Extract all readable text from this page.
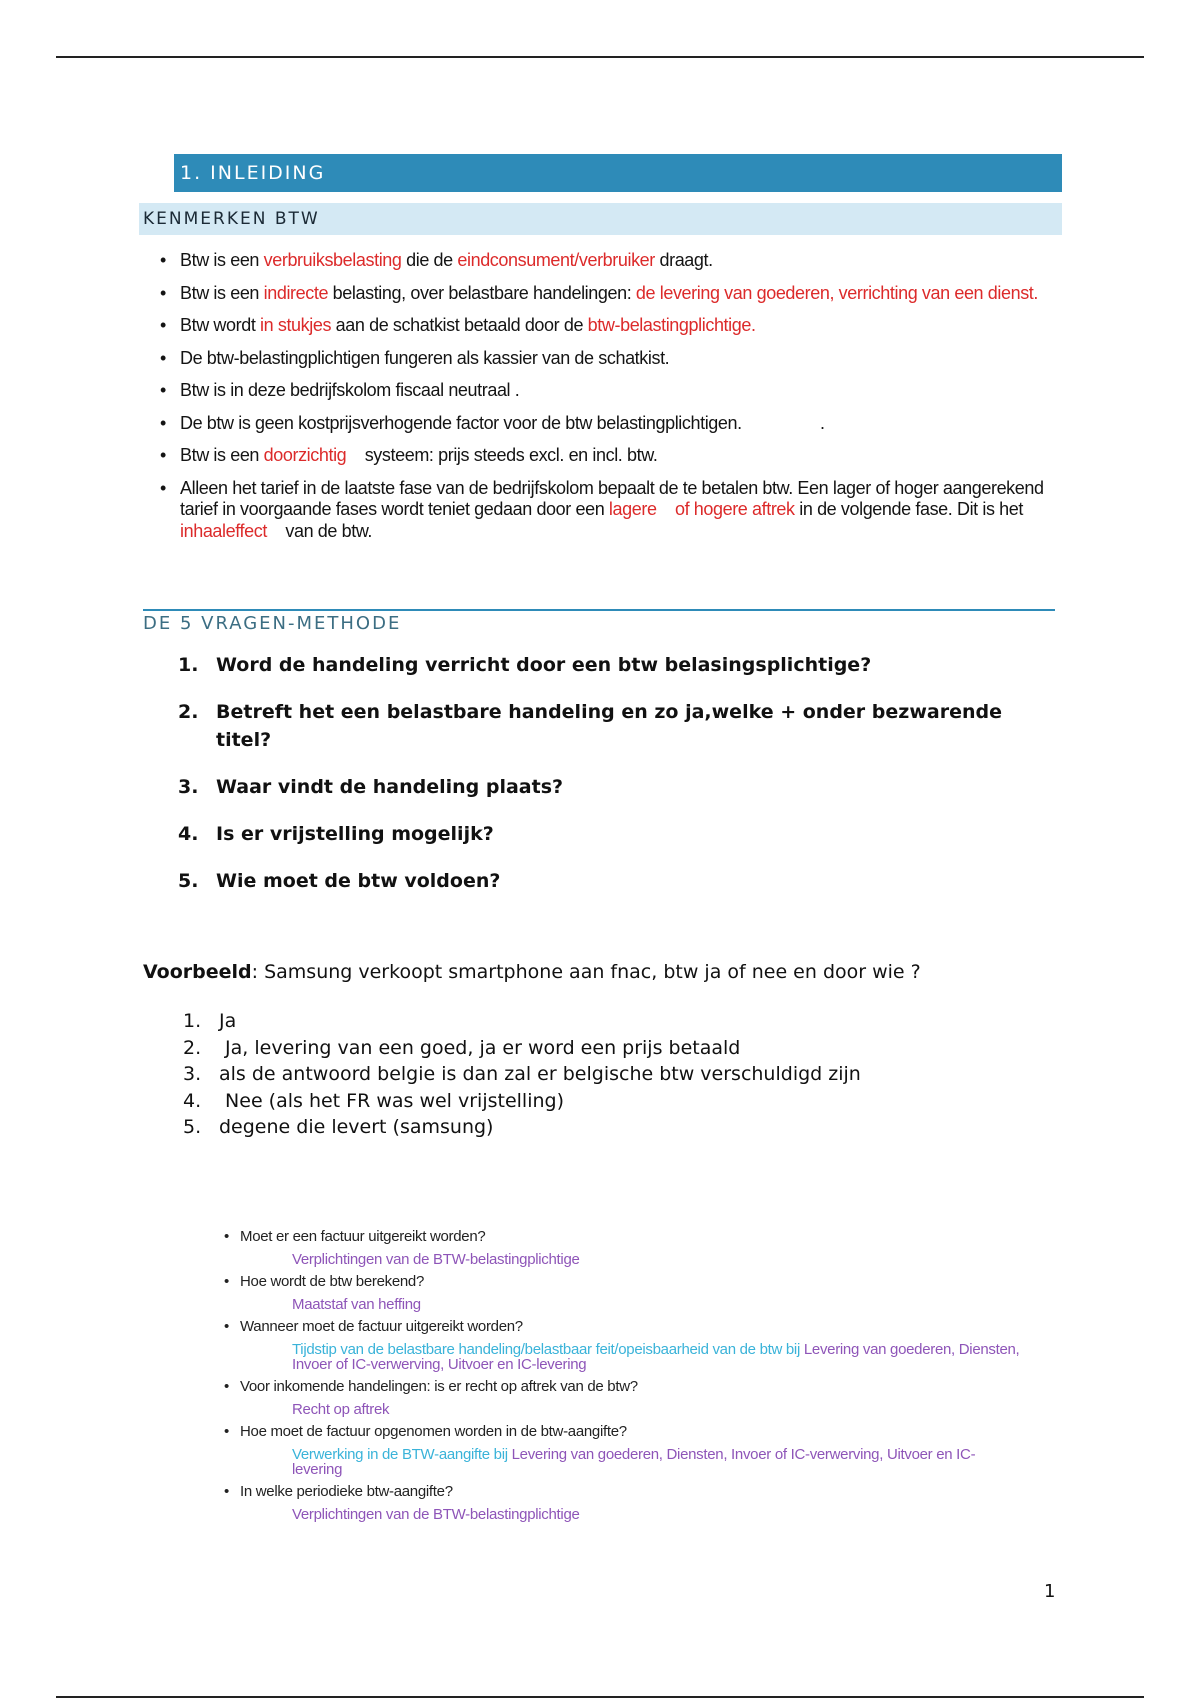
1. INLEIDING
KENMERKEN BTW
• Btw is een verbruiksbelasting die de eindconsument/verbruiker draagt.
• Btw is een indirecte belasting, over belastbare handelingen: de levering van goederen, verrichting van een dienst.
• Btw wordt in stukjes aan de schatkist betaald door de btw-belastingplichtige.
• De btw-belastingplichtigen fungeren als kassier van de schatkist.
• Btw is in deze bedrijfskolom fiscaal neutraal .
• De btw is geen kostprijsverhogende factor voor de btw belastingplichtigen.                 .
• Btw is een doorzichtig    systeem: prijs steeds excl. en incl. btw.
• Alleen het tarief in de laatste fase van de bedrijfskolom bepaalt de te betalen btw. Een lager of hoger aangerekend tarief in voorgaande fases wordt teniet gedaan door een lagere    of hogere aftrek in de volgende fase. Dit is het inhaaleffect    van de btw.
DE 5 VRAGEN-METHODE
1. Word de handeling verricht door een btw belasingsplichtige?
2. Betreft het een belastbare handeling en zo ja,welke + onder bezwarende titel?
3. Waar vindt de handeling plaats?
4. Is er vrijstelling mogelijk?
5. Wie moet de btw voldoen?
Voorbeeld: Samsung verkoopt smartphone aan fnac, btw ja of nee en door wie ?
1. Ja
2. Ja, levering van een goed, ja er word een prijs betaald
3. als de antwoord belgie is dan zal er belgische btw verschuldigd zijn
4. Nee (als het FR was wel vrijstelling)
5. degene die levert (samsung)
• Moet er een factuur uitgereikt worden?
Verplichtingen van de BTW-belastingplichtige
• Hoe wordt de btw berekend?
Maatstaf van heffing
• Wanneer moet de factuur uitgereikt worden?
Tijdstip van de belastbare handeling/belastbaar feit/opeisbaarheid van de btw bij Levering van goederen, Diensten, Invoer of IC-verwerving, Uitvoer en IC-levering
• Voor inkomende handelingen: is er recht op aftrek van de btw?
Recht op aftrek
• Hoe moet de factuur opgenomen worden in de btw-aangifte?
Verwerking in de BTW-aangifte bij Levering van goederen, Diensten, Invoer of IC-verwerving, Uitvoer en IC-levering
• In welke periodieke btw-aangifte?
Verplichtingen van de BTW-belastingplichtige
1
